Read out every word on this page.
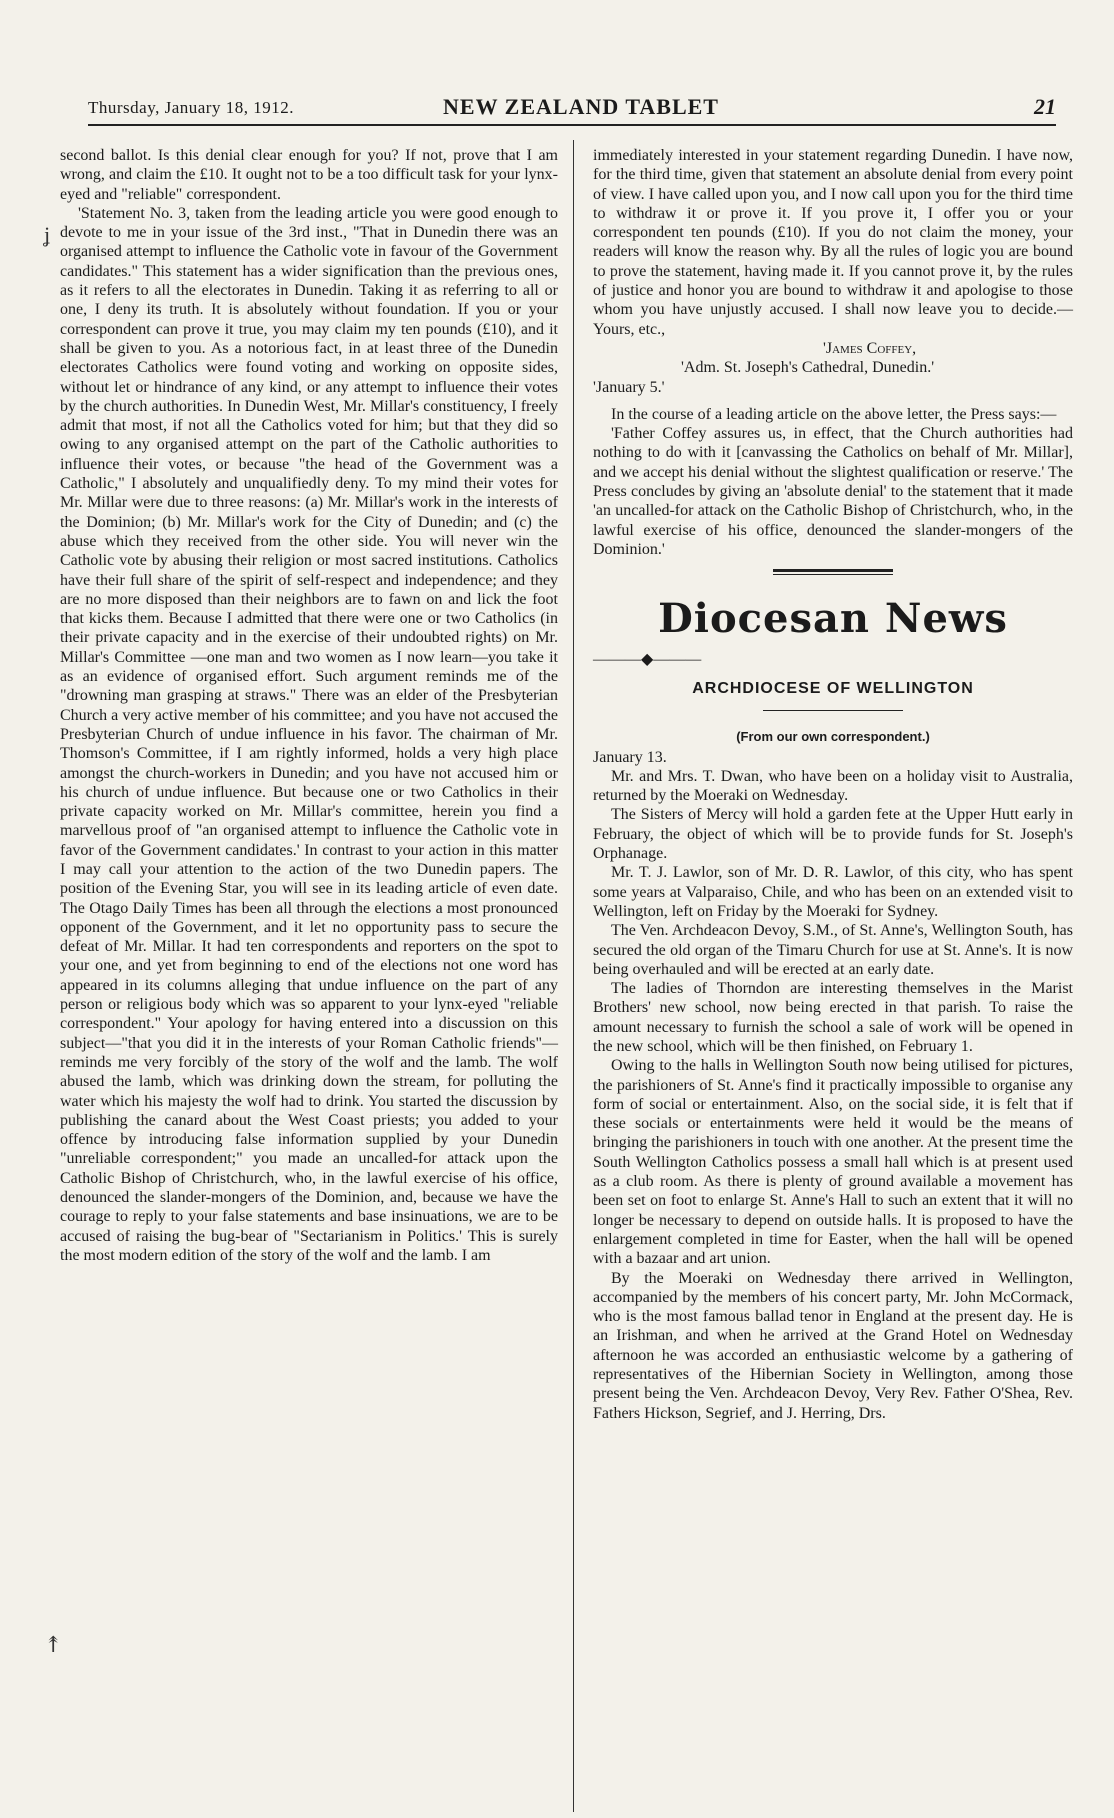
Thursday, January 18, 1912.	NEW ZEALAND TABLET	21
ʝ
↟

second ballot. Is this denial clear enough for you? If not, prove that I am wrong, and claim the £10. It ought not to be a too difficult task for your lynx-eyed and "reliable" correspondent.

'Statement No. 3, taken from the leading article you were good enough to devote to me in your issue of the 3rd inst., "That in Dunedin there was an organised attempt to influence the Catholic vote in favour of the Government candidates." This statement has a wider signification than the previous ones, as it refers to all the electorates in Dunedin. Taking it as referring to all or one, I deny its truth. It is absolutely without foundation. If you or your correspondent can prove it true, you may claim my ten pounds (£10), and it shall be given to you. As a notorious fact, in at least three of the Dunedin electorates Catholics were found voting and working on opposite sides, without let or hindrance of any kind, or any attempt to influence their votes by the church authorities. In Dunedin West, Mr. Millar's constituency, I freely admit that most, if not all the Catholics voted for him; but that they did so owing to any organised attempt on the part of the Catholic authorities to influence their votes, or because "the head of the Government was a Catholic," I absolutely and unqualifiedly deny. To my mind their votes for Mr. Millar were due to three reasons: (a) Mr. Millar's work in the interests of the Dominion; (b) Mr. Millar's work for the City of Dunedin; and (c) the abuse which they received from the other side. You will never win the Catholic vote by abusing their religion or most sacred institutions. Catholics have their full share of the spirit of self-respect and independence; and they are no more disposed than their neighbors are to fawn on and lick the foot that kicks them. Because I admitted that there were one or two Catholics (in their private capacity and in the exercise of their undoubted rights) on Mr. Millar's Committee —one man and two women as I now learn—you take it as an evidence of organised effort. Such argument reminds me of the "drowning man grasping at straws." There was an elder of the Presbyterian Church a very active member of his committee; and you have not accused the Presbyterian Church of undue influence in his favor. The chairman of Mr. Thomson's Committee, if I am rightly informed, holds a very high place amongst the church-workers in Dunedin; and you have not accused him or his church of undue influence. But because one or two Catholics in their private capacity worked on Mr. Millar's committee, herein you find a marvellous proof of "an organised attempt to influence the Catholic vote in favor of the Government candidates.' In contrast to your action in this matter I may call your attention to the action of the two Dunedin papers. The position of the Evening Star, you will see in its leading article of even date. The Otago Daily Times has been all through the elections a most pronounced opponent of the Government, and it let no opportunity pass to secure the defeat of Mr. Millar. It had ten correspondents and reporters on the spot to your one, and yet from beginning to end of the elections not one word has appeared in its columns alleging that undue influence on the part of any person or religious body which was so apparent to your lynx-eyed "reliable correspondent." Your apology for having entered into a discussion on this subject—"that you did it in the interests of your Roman Catholic friends"—reminds me very forcibly of the story of the wolf and the lamb. The wolf abused the lamb, which was drinking down the stream, for polluting the water which his majesty the wolf had to drink. You started the discussion by publishing the canard about the West Coast priests; you added to your offence by introducing false information supplied by your Dunedin "unreliable correspondent;" you made an uncalled-for attack upon the Catholic Bishop of Christchurch, who, in the lawful exercise of his office, denounced the slander-mongers of the Dominion, and, because we have the courage to reply to your false statements and base insinuations, we are to be accused of raising the bug-bear of "Sectarianism in Politics.' This is surely the most modern edition of the story of the wolf and the lamb. I am

immediately interested in your statement regarding Dunedin. I have now, for the third time, given that statement an absolute denial from every point of view. I have called upon you, and I now call upon you for the third time to withdraw it or prove it. If you prove it, I offer you or your correspondent ten pounds (£10). If you do not claim the money, your readers will know the reason why. By all the rules of logic you are bound to prove the statement, having made it. If you cannot prove it, by the rules of justice and honor you are bound to withdraw it and apologise to those whom you have unjustly accused. I shall now leave you to decide.—Yours, etc.,

'James Coffey,

'Adm. St. Joseph's Cathedral, Dunedin.'

'January 5.'

In the course of a leading article on the above letter, the Press says:—

'Father Coffey assures us, in effect, that the Church authorities had nothing to do with it [canvassing the Catholics on behalf of Mr. Millar], and we accept his denial without the slightest qualification or reserve.' The Press concludes by giving an 'absolute denial' to the statement that it made 'an uncalled-for attack on the Catholic Bishop of Christchurch, who, in the lawful exercise of his office, denounced the slander-mongers of the Dominion.'

Diocesan News

———◆———

ARCHDIOCESE OF WELLINGTON
(From our own correspondent.)

January 13.

Mr. and Mrs. T. Dwan, who have been on a holiday visit to Australia, returned by the Moeraki on Wednesday.

The Sisters of Mercy will hold a garden fete at the Upper Hutt early in February, the object of which will be to provide funds for St. Joseph's Orphanage.

Mr. T. J. Lawlor, son of Mr. D. R. Lawlor, of this city, who has spent some years at Valparaiso, Chile, and who has been on an extended visit to Wellington, left on Friday by the Moeraki for Sydney.

The Ven. Archdeacon Devoy, S.M., of St. Anne's, Wellington South, has secured the old organ of the Timaru Church for use at St. Anne's. It is now being overhauled and will be erected at an early date.

The ladies of Thorndon are interesting themselves in the Marist Brothers' new school, now being erected in that parish. To raise the amount necessary to furnish the school a sale of work will be opened in the new school, which will be then finished, on February 1.

Owing to the halls in Wellington South now being utilised for pictures, the parishioners of St. Anne's find it practically impossible to organise any form of social or entertainment. Also, on the social side, it is felt that if these socials or entertainments were held it would be the means of bringing the parishioners in touch with one another. At the present time the South Wellington Catholics possess a small hall which is at present used as a club room. As there is plenty of ground available a movement has been set on foot to enlarge St. Anne's Hall to such an extent that it will no longer be necessary to depend on outside halls. It is proposed to have the enlargement completed in time for Easter, when the hall will be opened with a bazaar and art union.

By the Moeraki on Wednesday there arrived in Wellington, accompanied by the members of his concert party, Mr. John McCormack, who is the most famous ballad tenor in England at the present day. He is an Irishman, and when he arrived at the Grand Hotel on Wednesday afternoon he was accorded an enthusiastic welcome by a gathering of representatives of the Hibernian Society in Wellington, among those present being the Ven. Archdeacon Devoy, Very Rev. Father O'Shea, Rev. Fathers Hickson, Segrief, and J. Herring, Drs.
